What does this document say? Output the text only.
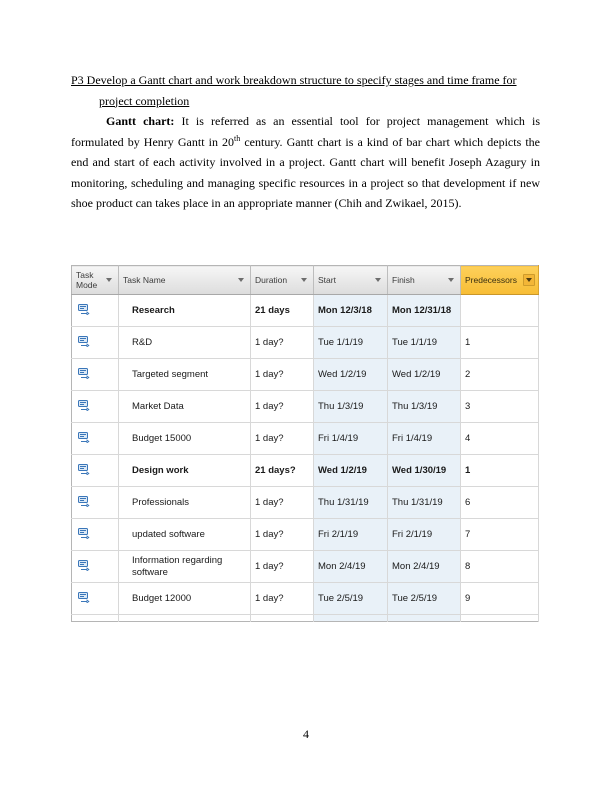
P3 Develop a Gantt chart and work breakdown structure to specify stages and time frame for
project completion

Gantt chart: It is referred as an essential tool for project management which is formulated by Henry Gantt in 20th century. Gantt chart is a kind of bar chart which depicts the end and start of each activity involved in a project. Gantt chart will benefit Joseph Azagury in monitoring, scheduling and managing specific resources in a project so that development if new shoe product can takes place in an appropriate manner (Chih and Zwikael, 2015).

Task Mode	Task Name	Duration	Start	Finish	Predecessors

	Research	21 days	Mon 12/3/18	Mon 12/31/18	
	R&D	1 day?	Tue 1/1/19	Tue 1/1/19	1
	Targeted segment	1 day?	Wed 1/2/19	Wed 1/2/19	2
	Market Data	1 day?	Thu 1/3/19	Thu 1/3/19	3
	Budget 15000	1 day?	Fri 1/4/19	Fri 1/4/19	4
	Design work	21 days?	Wed 1/2/19	Wed 1/30/19	1
	Professionals	1 day?	Thu 1/31/19	Thu 1/31/19	6
	updated software	1 day?	Fri 2/1/19	Fri 2/1/19	7
	Information regarding software	1 day?	Mon 2/4/19	Mon 2/4/19	8
	Budget 12000	1 day?	Tue 2/5/19	Tue 2/5/19	9

4
